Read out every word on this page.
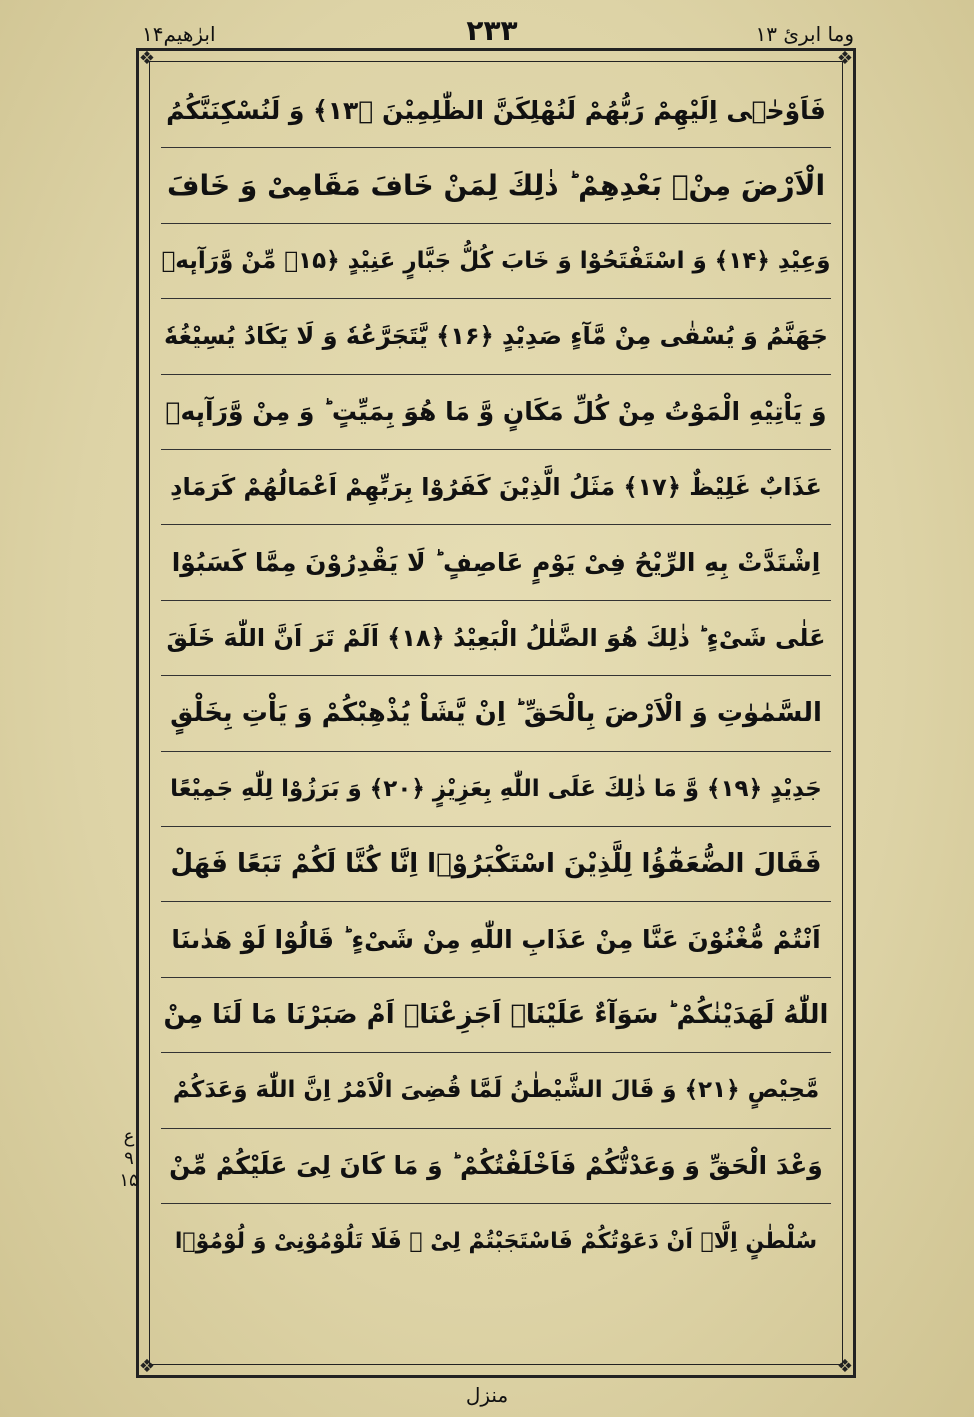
ابرٰھیم۱۴	۲۳۳	وما ابرئ ۱۳
❖	❖
❖	❖
فَاَوْحٰۤى اِلَیْهِمْ رَبُّهُمْ لَنُهْلِكَنَّ الظّٰلِمِیْنَ ﴿۱۳﴾ وَ لَنُسْكِنَنَّكُمُ
الْاَرْضَ مِنْۢ بَعْدِهِمْ ؕ ذٰلِكَ لِمَنْ خَافَ مَقَامِیْ وَ خَافَ
وَعِیْدِ ﴿۱۴﴾ وَ اسْتَفْتَحُوْا وَ خَابَ كُلُّ جَبَّارٍ عَنِیْدٍ ﴿۱۵﴾ مِّنْ وَّرَآىٕهٖ
جَهَنَّمُ وَ یُسْقٰى مِنْ مَّآءٍ صَدِیْدٍ ﴿۱۶﴾ یَّتَجَرَّعُهٗ وَ لَا یَكَادُ یُسِیْغُهٗ
وَ یَاْتِیْهِ الْمَوْتُ مِنْ كُلِّ مَكَانٍ وَّ مَا هُوَ بِمَیِّتٍ ؕ وَ مِنْ وَّرَآىٕهٖ
عَذَابٌ غَلِیْظٌ ﴿۱۷﴾ مَثَلُ الَّذِیْنَ كَفَرُوْا بِرَبِّهِمْ اَعْمَالُهُمْ كَرَمَادِ
اِشْتَدَّتْ بِهِ الرِّیْحُ فِیْ یَوْمٍ عَاصِفٍ ؕ لَا یَقْدِرُوْنَ مِمَّا كَسَبُوْا
عَلٰى شَیْءٍ ؕ ذٰلِكَ هُوَ الضَّلٰلُ الْبَعِیْدُ ﴿۱۸﴾ اَلَمْ تَرَ اَنَّ اللّٰهَ خَلَقَ
السَّمٰوٰتِ وَ الْاَرْضَ بِالْحَقِّ ؕ اِنْ یَّشَاْ یُذْهِبْكُمْ وَ یَاْتِ بِخَلْقٍ
جَدِیْدٍ ﴿۱۹﴾ وَّ مَا ذٰلِكَ عَلَى اللّٰهِ بِعَزِیْزٍ ﴿۲۰﴾ وَ بَرَزُوْا لِلّٰهِ جَمِیْعًا
فَقَالَ الضُّعَفٰٓؤُا لِلَّذِیْنَ اسْتَكْبَرُوْۤا اِنَّا كُنَّا لَكُمْ تَبَعًا فَهَلْ
اَنْتُمْ مُّغْنُوْنَ عَنَّا مِنْ عَذَابِ اللّٰهِ مِنْ شَیْءٍ ؕ قَالُوْا لَوْ هَدٰىنَا
اللّٰهُ لَهَدَیْنٰكُمْ ؕ سَوَآءٌ عَلَیْنَاۤ اَجَزِعْنَاۤ اَمْ صَبَرْنَا مَا لَنَا مِنْ
مَّحِیْصٍ ﴿۲۱﴾ وَ قَالَ الشَّیْطٰنُ لَمَّا قُضِیَ الْاَمْرُ اِنَّ اللّٰهَ وَعَدَكُمْ
وَعْدَ الْحَقِّ وَ وَعَدْتُّكُمْ فَاَخْلَفْتُكُمْ ؕ وَ مَا كَانَ لِیَ عَلَیْكُمْ مِّنْ
سُلْطٰنٍ اِلَّاۤ اَنْ دَعَوْتُكُمْ فَاسْتَجَبْتُمْ لِیْ ۚ فَلَا تَلُوْمُوْنِیْ وَ لُوْمُوْۤا
ع
۹
۱۵
منزل
